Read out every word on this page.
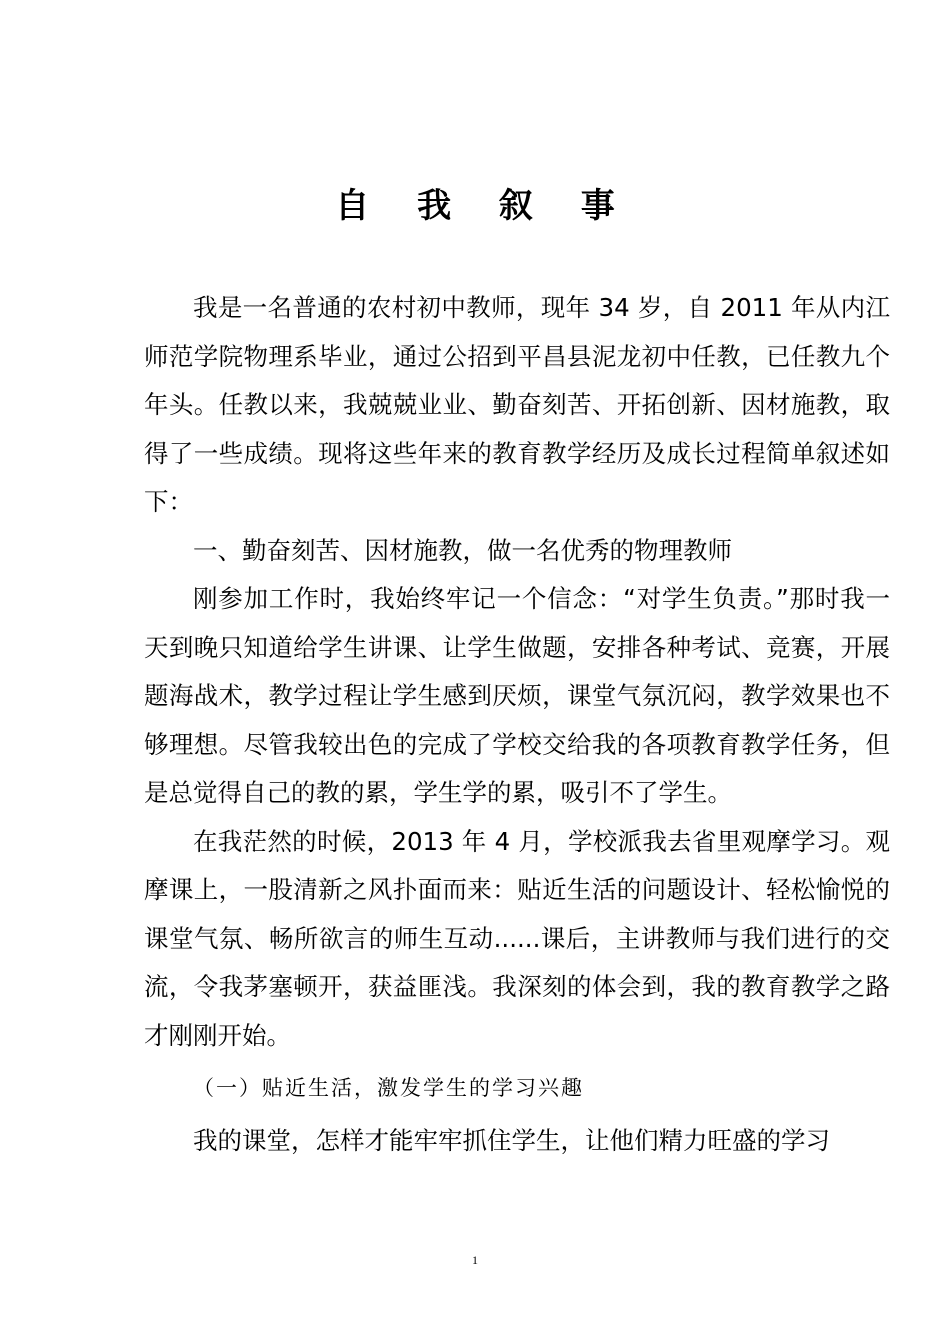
自 我 叙 事

我是一名普通的农村初中教师，现年 34 岁，自 2011 年从内江师范学院物理系毕业，通过公招到平昌县泥龙初中任教，已任教九个年头。任教以来，我兢兢业业、勤奋刻苦、开拓创新、因材施教，取得了一些成绩。现将这些年来的教育教学经历及成长过程简单叙述如下：

一、勤奋刻苦、因材施教，做一名优秀的物理教师

刚参加工作时，我始终牢记一个信念：“对学生负责。”那时我一天到晚只知道给学生讲课、让学生做题，安排各种考试、竞赛，开展题海战术，教学过程让学生感到厌烦，课堂气氛沉闷，教学效果也不够理想。尽管我较出色的完成了学校交给我的各项教育教学任务，但是总觉得自己的教的累，学生学的累，吸引不了学生。

在我茫然的时候，2013 年 4 月，学校派我去省里观摩学习。观摩课上，一股清新之风扑面而来：贴近生活的问题设计、轻松愉悦的课堂气氛、畅所欲言的师生互动......课后，主讲教师与我们进行的交流，令我茅塞顿开，获益匪浅。我深刻的体会到，我的教育教学之路才刚刚开始。

（一）贴近生活，激发学生的学习兴趣

我的课堂，怎样才能牢牢抓住学生，让他们精力旺盛的学习

1
